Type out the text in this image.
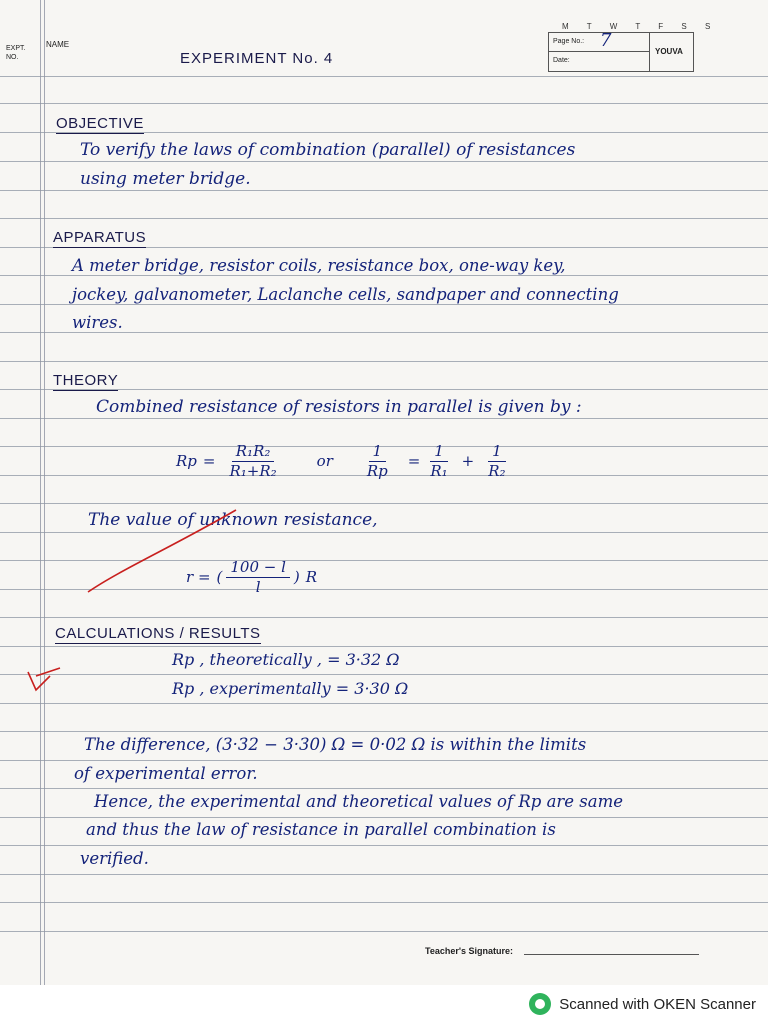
M T W T F S S
EXPT. NO.
NAME	Page No.: 7
Date:
YOUVA
EXPERIMENT No. 4
OBJECTIVE
To verify the laws of combination (parallel) of resistances
using meter bridge.
APPARATUS
A meter bridge, resistor coils, resistance box, one-way key,
jockey, galvanometer, Laclanche cells, sandpaper and connecting
wires.
THEORY
Combined resistance of resistors in parallel is given by :
$Rp = \frac{\text{R₁R₂}}{\text{R₁+R₂}}$ or $\frac{1}{Rp} = \frac{1}{\text{R₁}} + \frac{1}{\text{R₂}}$
The value of unknown resistance,
r = ( $\frac{100 - l}{l}$ ) R
CALCULATIONS / RESULTS
Rp , theoretically , = 3·32 Ω
Rp , experimentally = 3·30 Ω
The difference, (3·32 − 3·30) Ω = 0·02 Ω is within the limits
of experimental error.
Hence, the experimental and theoretical values of Rp are same
and thus the law of resistance in parallel combination is
verified.
Teacher's Signature:
Scanned with OKEN Scanner
